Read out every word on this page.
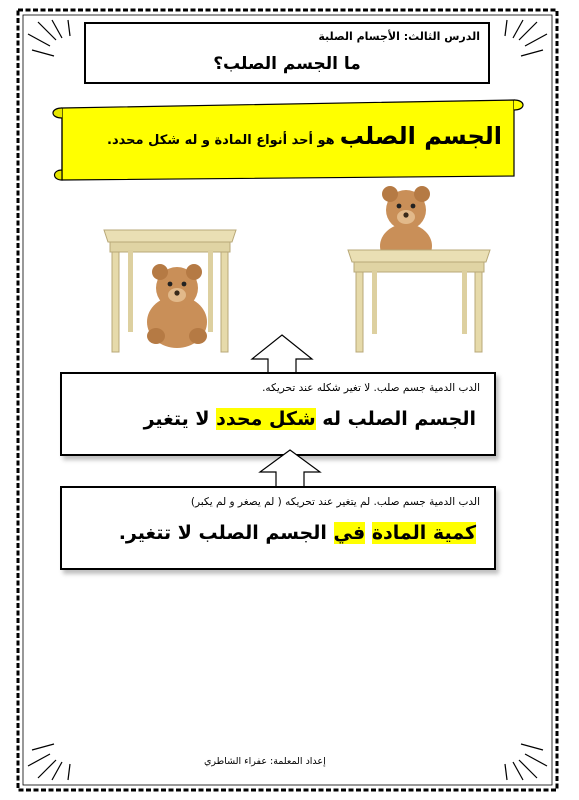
الدرس الثالث: الأجسام الصلبة
ما الجسم الصلب؟
الجسم الصلب هو أحد أنواع المادة و له شكل محدد.
الدب الدمية جسم صلب. لا تغير شكله عند تحريكه.
الجسم الصلب له شكل محدد لا يتغير
الدب الدمية جسم صلب. لم يتغير عند تحريكه ( لم يصغر و لم يكبر)
كمية المادة في الجسم الصلب لا تتغير.
إعداد المعلمة: عفراء الشاطري
